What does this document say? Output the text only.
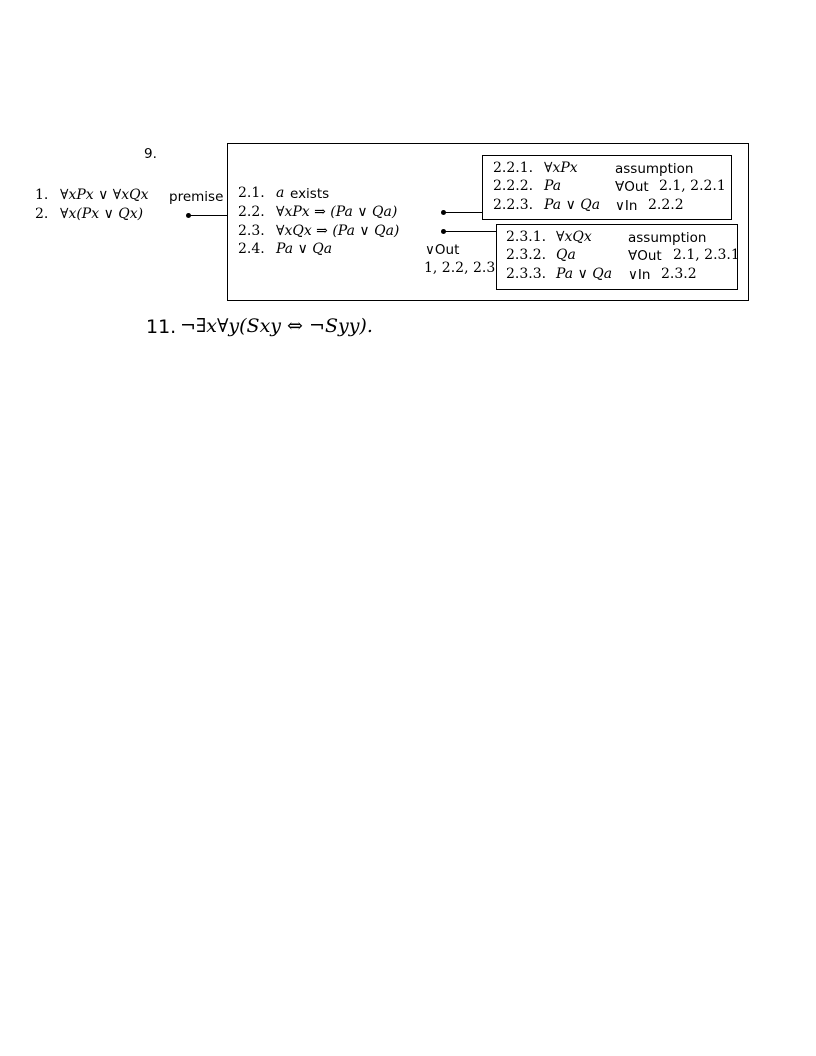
9.
1. ∀xPx ∨ ∀xQx
2. ∀x(Px ∨ Qx)
premise 2.1. a exists
2.2. ∀xPx ⇒ (Pa ∨ Qa)
2.3. ∀xQx ⇒ (Pa ∨ Qa)
2.4. Pa ∨ Qa	∨Out
1, 2.2, 2.3
2.2.1. ∀xPx	assumption
2.2.2. Pa	∀Out 2.1, 2.2.1
2.2.3. Pa ∨ Qa ∨In 2.2.2
2.3.1. ∀xQx	assumption
2.3.2. Qa	∀Out 2.1, 2.3.1
2.3.3. Pa ∨ Qa ∨In 2.3.2
11. ¬∃x∀y(Sxy ⇔ ¬Syy).
